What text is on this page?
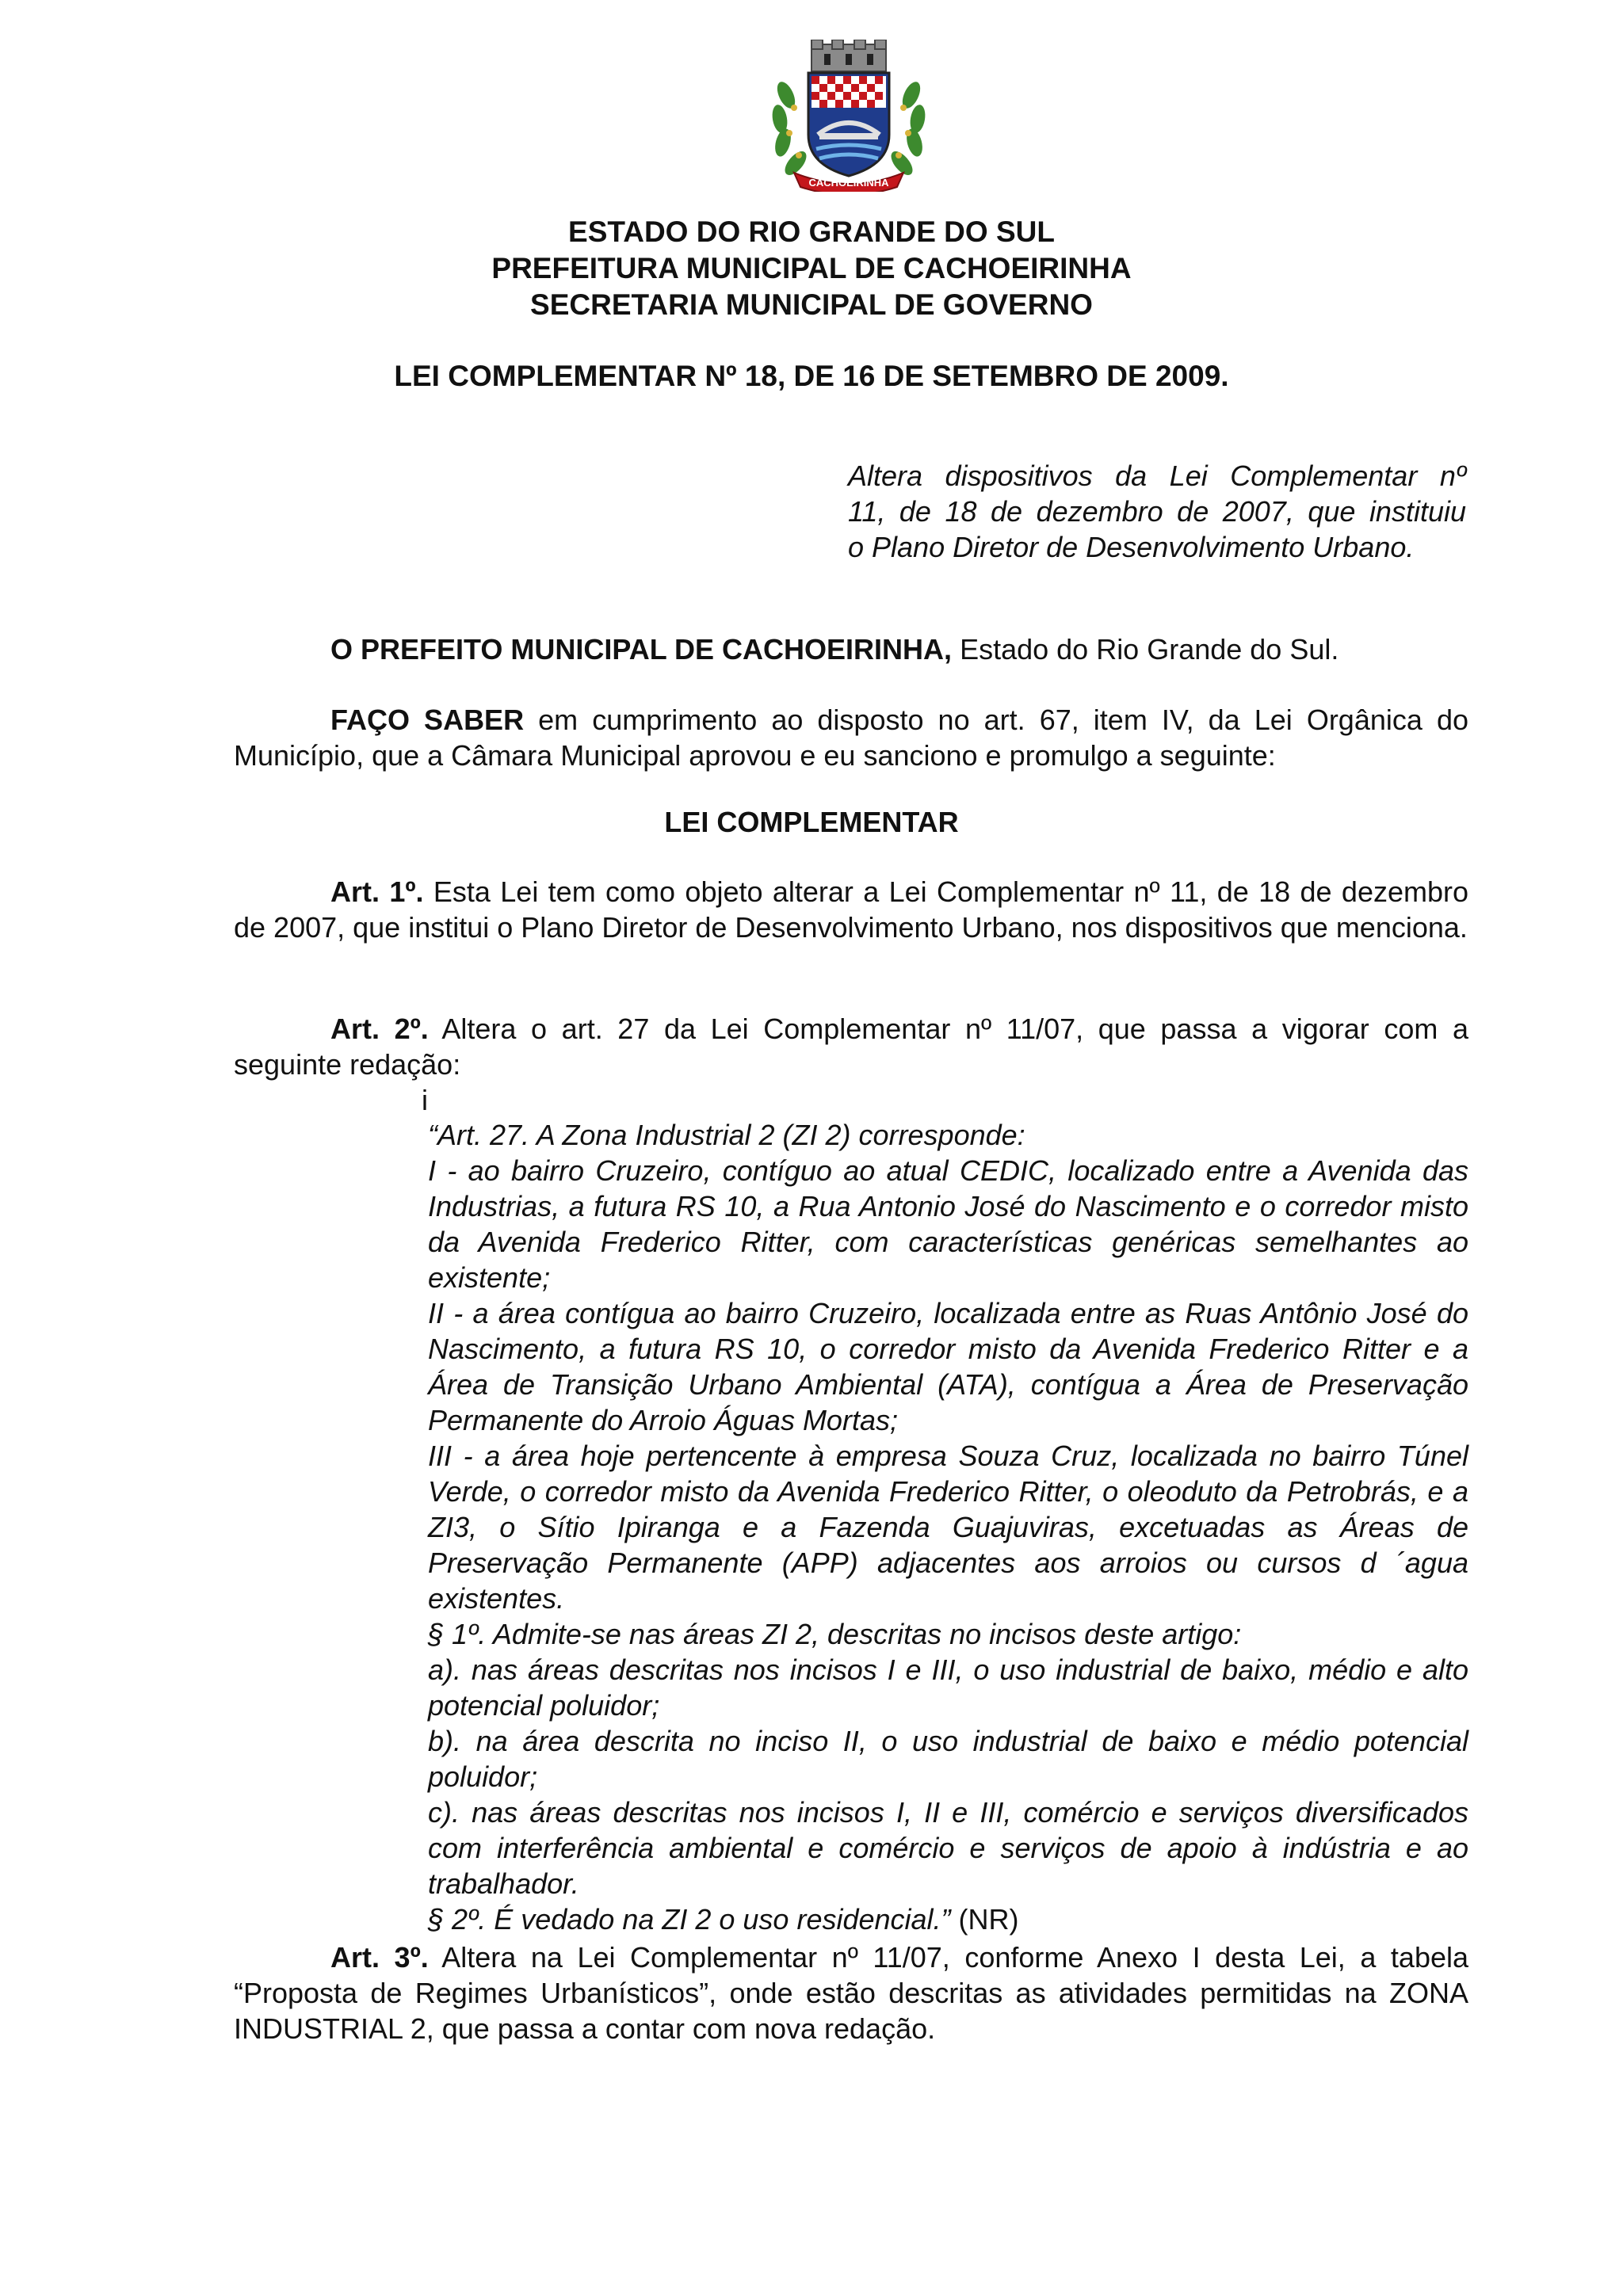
CACHOEIRINHA
ESTADO DO RIO GRANDE DO SUL
PREFEITURA MUNICIPAL DE CACHOEIRINHA
SECRETARIA MUNICIPAL DE GOVERNO
LEI COMPLEMENTAR Nº 18, DE 16 DE SETEMBRO DE 2009.
Altera dispositivos da Lei Complementar nº
11, de 18 de dezembro de 2007, que instituiu
o Plano Diretor de Desenvolvimento Urbano.

O PREFEITO MUNICIPAL DE CACHOEIRINHA, Estado do Rio Grande do Sul.

FAÇO SABER em cumprimento ao disposto no art. 67, item IV, da Lei Orgânica do Município, que a Câmara Municipal aprovou e eu sanciono e promulgo a seguinte:

LEI COMPLEMENTAR

Art. 1º. Esta Lei tem como objeto alterar a Lei Complementar nº 11, de 18 de dezembro de 2007, que institui o Plano Diretor de Desenvolvimento Urbano, nos dispositivos que menciona.

Art. 2º. Altera o art. 27 da Lei Complementar nº 11/07, que passa a vigorar com a seguinte redação:

i

“Art. 27. A Zona Industrial 2 (ZI 2) corresponde:

I - ao bairro Cruzeiro, contíguo ao atual CEDIC, localizado entre a Avenida das Industrias, a futura RS 10, a Rua Antonio José do Nascimento e o corredor misto da Avenida Frederico Ritter, com características genéricas semelhantes ao existente;

II - a área contígua ao bairro Cruzeiro, localizada entre as Ruas Antônio José do Nascimento, a futura RS 10, o corredor misto da Avenida Frederico Ritter e a Área de Transição Urbano Ambiental (ATA), contígua a Área de Preservação Permanente do Arroio Águas Mortas;

III - a área hoje pertencente à empresa Souza Cruz, localizada no bairro Túnel Verde, o corredor misto da Avenida Frederico Ritter, o oleoduto da Petrobrás, e a ZI3, o Sítio Ipiranga e a Fazenda Guajuviras, excetuadas as Áreas de Preservação Permanente (APP) adjacentes aos arroios ou cursos d ´agua existentes.

§ 1º. Admite-se nas áreas ZI 2, descritas no incisos deste artigo:

a). nas áreas descritas nos incisos I e III, o uso industrial de baixo, médio e alto potencial poluidor;

b). na área descrita no inciso II, o uso industrial de baixo e médio potencial poluidor;

c). nas áreas descritas nos incisos I, II e III, comércio e serviços diversificados com interferência ambiental e comércio e serviços de apoio à indústria e ao trabalhador.

§ 2º. É vedado na ZI 2 o uso residencial.” (NR)

Art. 3º. Altera na Lei Complementar nº 11/07, conforme Anexo I desta Lei, a tabela “Proposta de Regimes Urbanísticos”, onde estão descritas as atividades permitidas na ZONA INDUSTRIAL 2, que passa a contar com nova redação.
